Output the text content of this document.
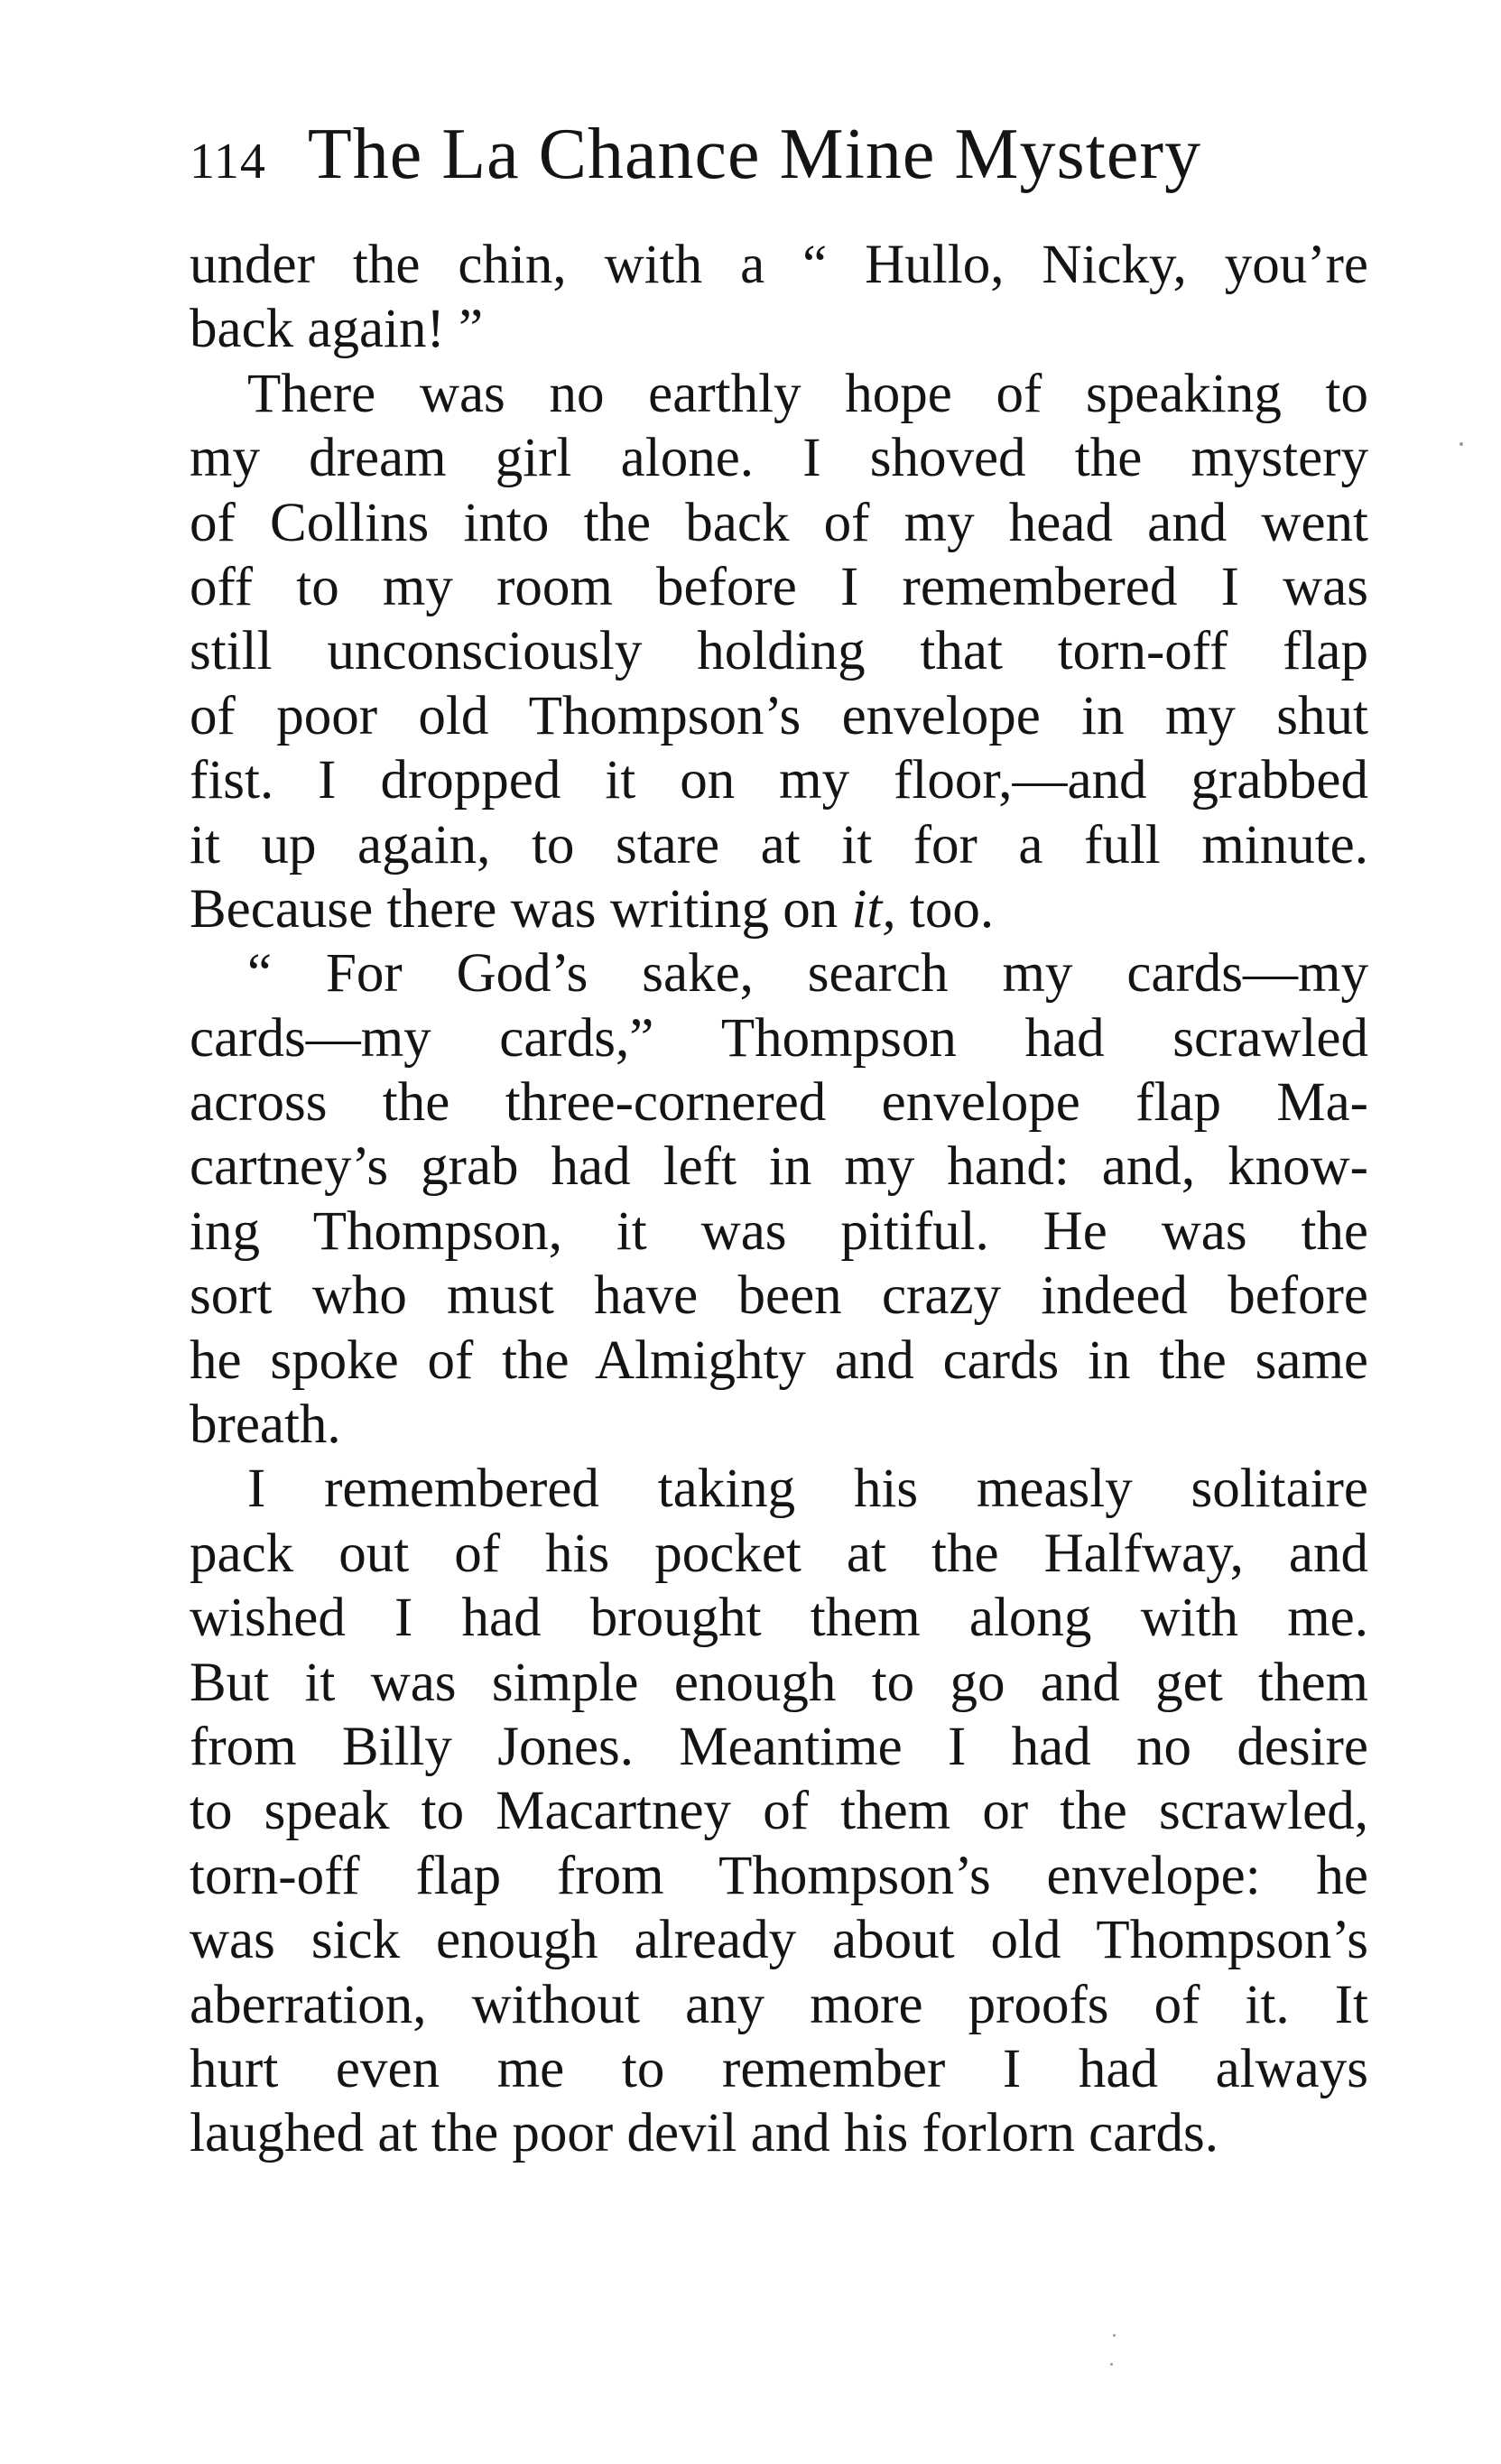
114 The La Chance Mine Mystery
under the chin, with a “ Hullo, Nicky, you’re
back again! ”
There was no earthly hope of speaking to
my dream girl alone. I shoved the mystery
of Collins into the back of my head and went
off to my room before I remembered I was
still unconsciously holding that torn-off flap
of poor old Thompson’s envelope in my shut
fist. I dropped it on my floor,—and grabbed
it up again, to stare at it for a full minute.
Because there was writing on it, too.
“ For God’s sake, search my cards—my
cards—my cards,” Thompson had scrawled
across the three-cornered envelope flap Ma-
cartney’s grab had left in my hand: and, know-
ing Thompson, it was pitiful. He was the
sort who must have been crazy indeed before
he spoke of the Almighty and cards in the same
breath.
I remembered taking his measly solitaire
pack out of his pocket at the Halfway, and
wished I had brought them along with me.
But it was simple enough to go and get them
from Billy Jones. Meantime I had no desire
to speak to Macartney of them or the scrawled,
torn-off flap from Thompson’s envelope: he
was sick enough already about old Thompson’s
aberration, without any more proofs of it. It
hurt even me to remember I had always
laughed at the poor devil and his forlorn cards.
